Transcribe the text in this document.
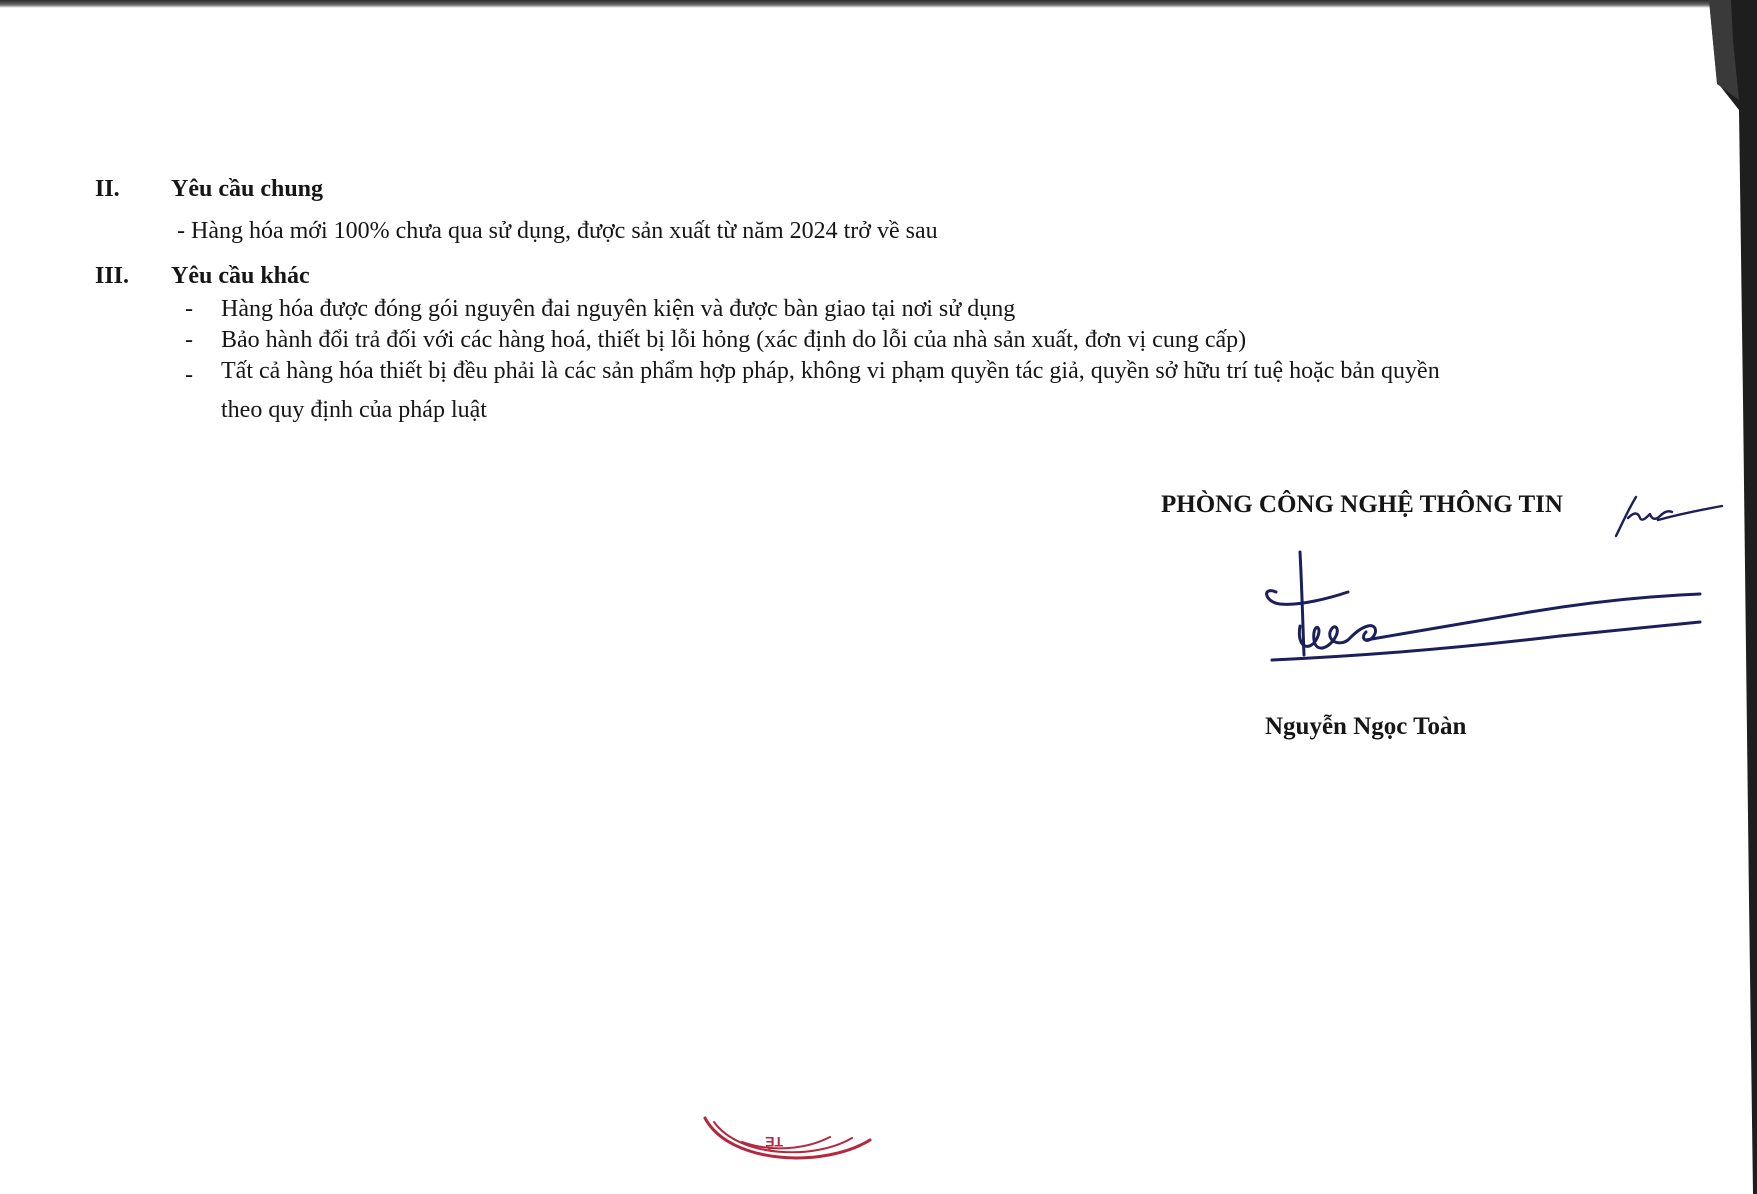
II. Yêu cầu chung
- Hàng hóa mới 100% chưa qua sử dụng, được sản xuất từ năm 2024 trở về sau
III. Yêu cầu khác
- Hàng hóa được đóng gói nguyên đai nguyên kiện và được bàn giao tại nơi sử dụng
- Bảo hành đổi trả đối với các hàng hoá, thiết bị lỗi hỏng (xác định do lỗi của nhà sản xuất, đơn vị cung cấp)
- Tất cả hàng hóa thiết bị đều phải là các sản phẩm hợp pháp, không vi phạm quyền tác giả, quyền sở hữu trí tuệ hoặc bản quyền
theo quy định của pháp luật
PHÒNG CÔNG NGHỆ THÔNG TIN
Nguyễn Ngọc Toàn
TÊ
